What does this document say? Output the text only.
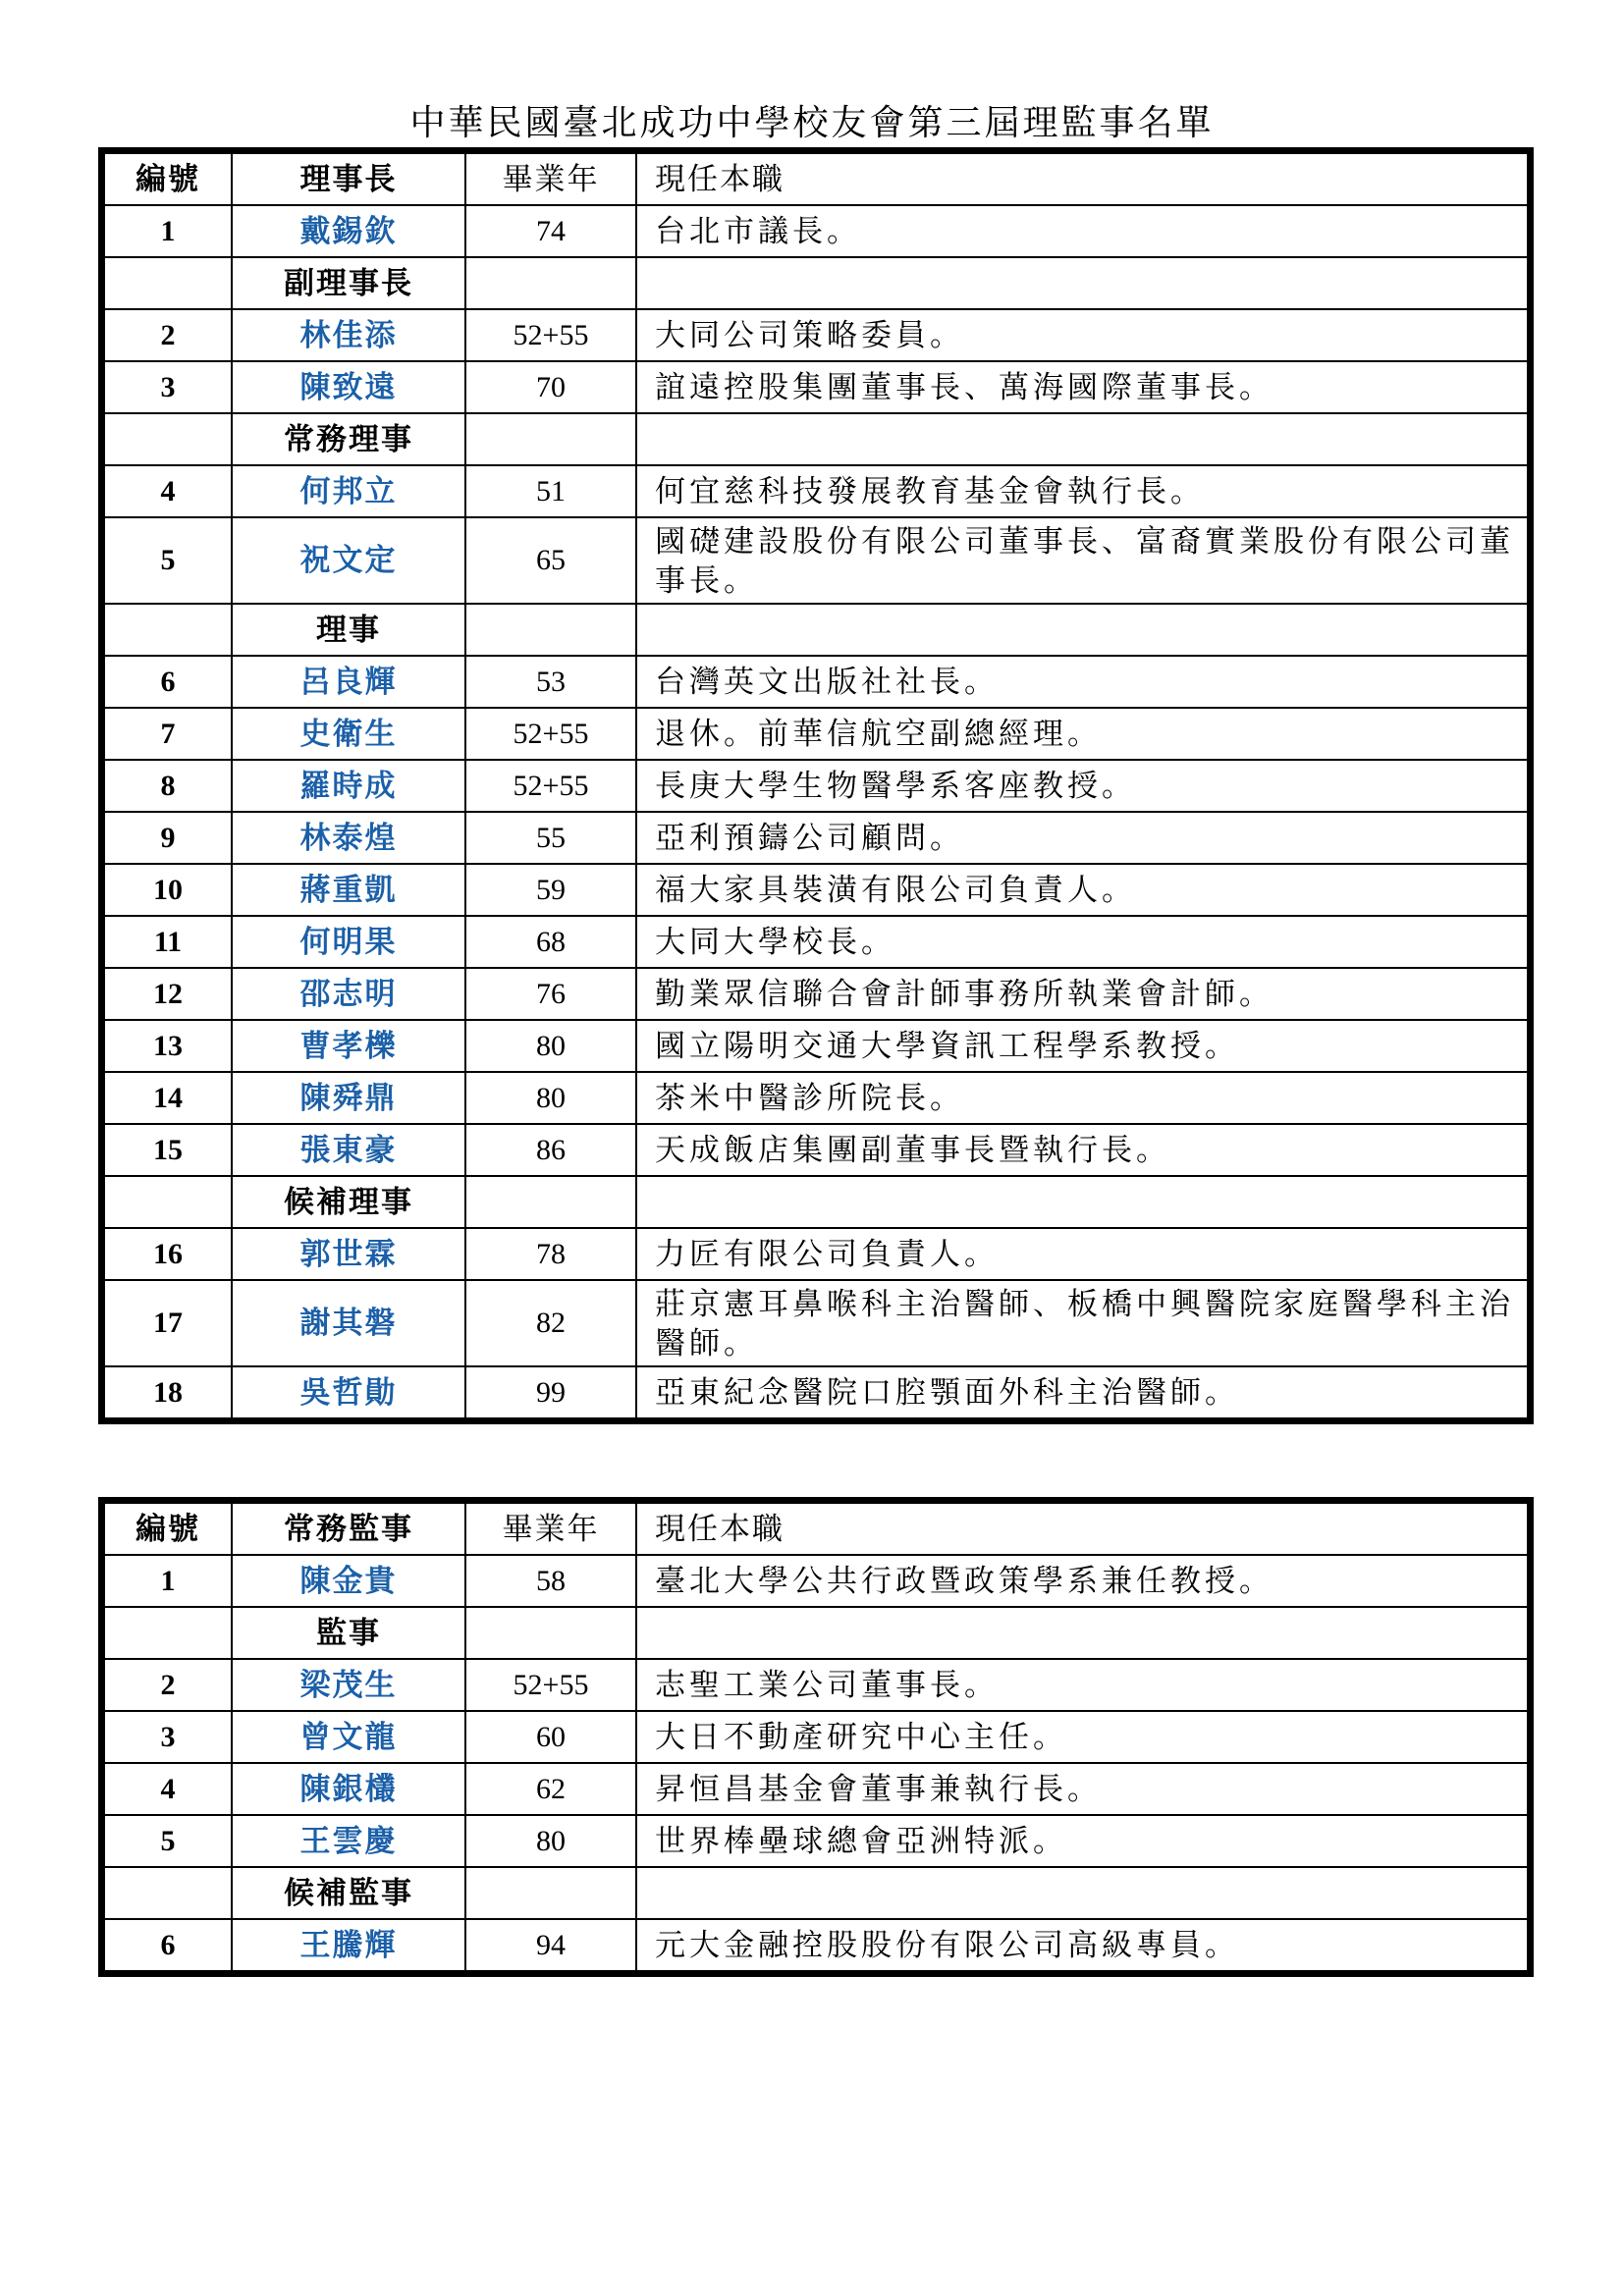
中華民國臺北成功中學校友會第三屆理監事名單
編號	理事長	畢業年	現任本職
1	戴錫欽	74	台北市議長。
	副理事長		
2	林佳添	52+55	大同公司策略委員。
3	陳致遠	70	誼遠控股集團董事長、萬海國際董事長。
	常務理事		
4	何邦立	51	何宜慈科技發展教育基金會執行長。
5	祝文定	65	國礎建設股份有限公司董事長、富裔實業股份有限公司董事長。
	理事		
6	呂良輝	53	台灣英文出版社社長。
7	史衛生	52+55	退休。前華信航空副總經理。
8	羅時成	52+55	長庚大學生物醫學系客座教授。
9	林泰煌	55	亞利預鑄公司顧問。
10	蔣重凱	59	福大家具裝潢有限公司負責人。
11	何明果	68	大同大學校長。
12	邵志明	76	勤業眾信聯合會計師事務所執業會計師。
13	曹孝櫟	80	國立陽明交通大學資訊工程學系教授。
14	陳舜鼎	80	茶米中醫診所院長。
15	張東豪	86	天成飯店集團副董事長暨執行長。
	候補理事		
16	郭世霖	78	力匠有限公司負責人。
17	謝其磐	82	莊京憲耳鼻喉科主治醫師、板橋中興醫院家庭醫學科主治醫師。
18	吳哲勛	99	亞東紀念醫院口腔顎面外科主治醫師。
編號	常務監事	畢業年	現任本職
1	陳金貴	58	臺北大學公共行政暨政策學系兼任教授。
	監事		
2	梁茂生	52+55	志聖工業公司董事長。
3	曾文龍	60	大日不動產研究中心主任。
4	陳銀欉	62	昇恒昌基金會董事兼執行長。
5	王雲慶	80	世界棒壘球總會亞洲特派。
	候補監事		
6	王騰輝	94	元大金融控股股份有限公司高級專員。
